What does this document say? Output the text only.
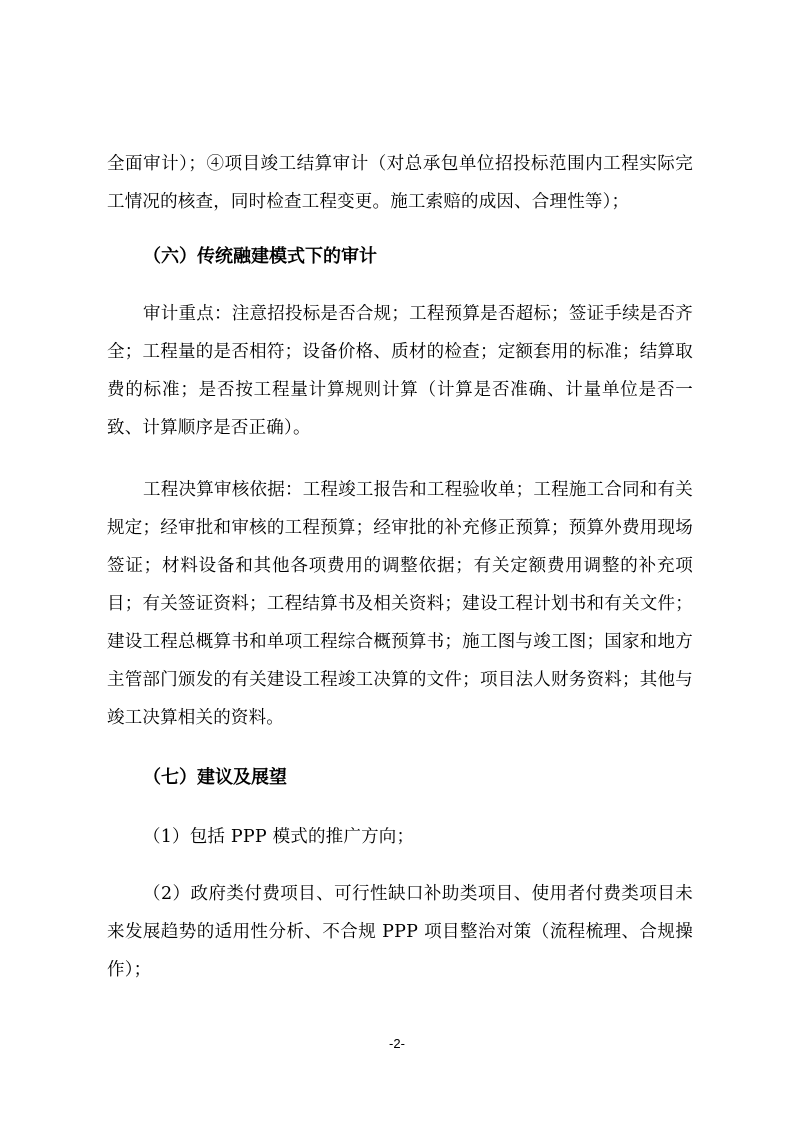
全面审计）；④项目竣工结算审计（对总承包单位招投标范围内工程实际完工情况的核查，同时检查工程变更。施工索赔的成因、合理性等）；

（六）传统融建模式下的审计

审计重点：注意招投标是否合规；工程预算是否超标；签证手续是否齐全；工程量的是否相符；设备价格、质材的检查；定额套用的标准；结算取费的标准；是否按工程量计算规则计算（计算是否准确、计量单位是否一致、计算顺序是否正确）。

工程决算审核依据：工程竣工报告和工程验收单；工程施工合同和有关规定；经审批和审核的工程预算；经审批的补充修正预算；预算外费用现场签证；材料设备和其他各项费用的调整依据；有关定额费用调整的补充项目；有关签证资料；工程结算书及相关资料；建设工程计划书和有关文件；建设工程总概算书和单项工程综合概预算书；施工图与竣工图；国家和地方主管部门颁发的有关建设工程竣工决算的文件；项目法人财务资料；其他与竣工决算相关的资料。

（七）建议及展望

（1）包括 PPP 模式的推广方向；

（2）政府类付费项目、可行性缺口补助类项目、使用者付费类项目未来发展趋势的适用性分析、不合规 PPP 项目整治对策（流程梳理、合规操作）；

-2-
